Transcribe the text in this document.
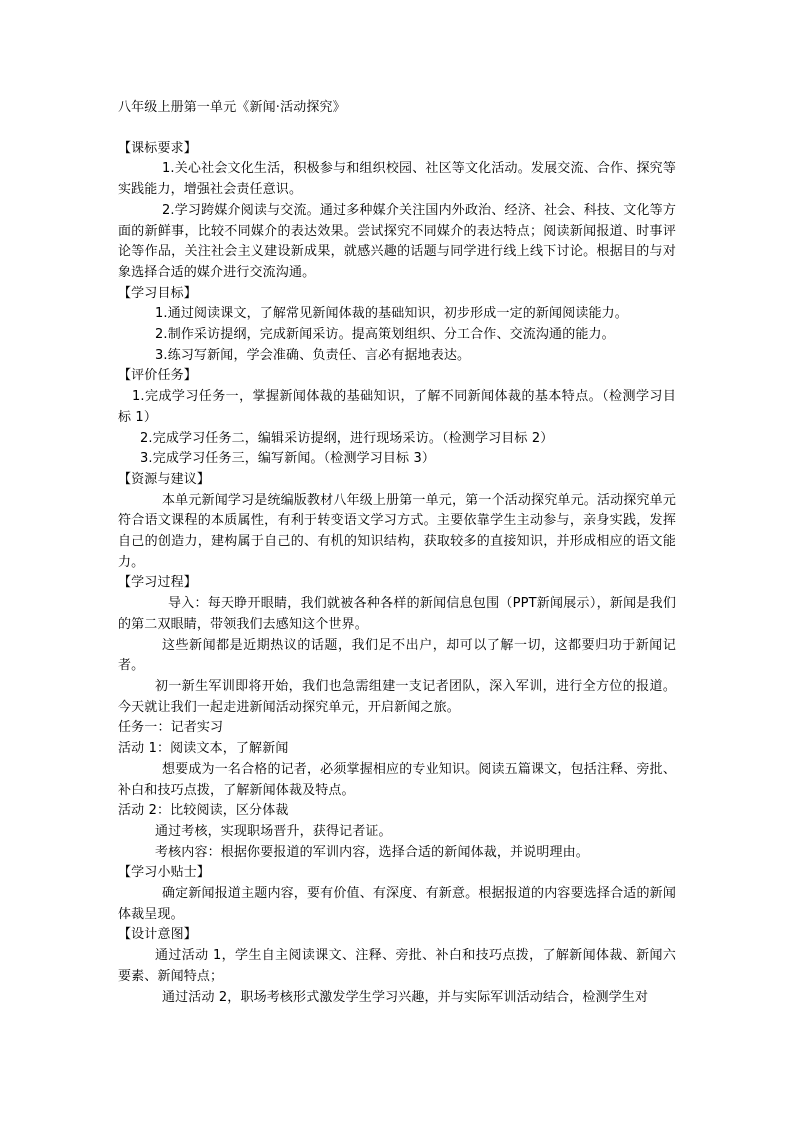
八年级上册第一单元《新闻·活动探究》

【课标要求】

1.关心社会文化生活，积极参与和组织校园、社区等文化活动。发展交流、合作、探究等实践能力，增强社会责任意识。

2.学习跨媒介阅读与交流。通过多种媒介关注国内外政治、经济、社会、科技、文化等方面的新鲜事，比较不同媒介的表达效果。尝试探究不同媒介的表达特点；阅读新闻报道、时事评论等作品，关注社会主义建设新成果，就感兴趣的话题与同学进行线上线下讨论。根据目的与对象选择合适的媒介进行交流沟通。

【学习目标】

1.通过阅读课文，了解常见新闻体裁的基础知识，初步形成一定的新闻阅读能力。

2.制作采访提纲，完成新闻采访。提高策划组织、分工合作、交流沟通的能力。

3.练习写新闻，学会准确、负责任、言必有据地表达。

【评价任务】

1.完成学习任务一，掌握新闻体裁的基础知识，了解不同新闻体裁的基本特点。（检测学习目标 1）

2.完成学习任务二，编辑采访提纲，进行现场采访。（检测学习目标 2）

3.完成学习任务三，编写新闻。（检测学习目标 3）

【资源与建议】

本单元新闻学习是统编版教材八年级上册第一单元，第一个活动探究单元。活动探究单元符合语文课程的本质属性，有利于转变语文学习方式。主要依靠学生主动参与，亲身实践，发挥自己的创造力，建构属于自己的、有机的知识结构，获取较多的直接知识，并形成相应的语文能力。

【学习过程】

导入：每天睁开眼睛，我们就被各种各样的新闻信息包围（PPT新闻展示），新闻是我们的第二双眼睛，带领我们去感知这个世界。

这些新闻都是近期热议的话题，我们足不出户，却可以了解一切，这都要归功于新闻记者。

初一新生军训即将开始，我们也急需组建一支记者团队，深入军训，进行全方位的报道。今天就让我们一起走进新闻活动探究单元，开启新闻之旅。

任务一：记者实习

活动 1：阅读文本，了解新闻

想要成为一名合格的记者，必须掌握相应的专业知识。阅读五篇课文，包括注释、旁批、补白和技巧点拨，了解新闻体裁及特点。

活动 2：比较阅读，区分体裁

通过考核，实现职场晋升，获得记者证。

考核内容：根据你要报道的军训内容，选择合适的新闻体裁，并说明理由。

【学习小贴士】

确定新闻报道主题内容，要有价值、有深度、有新意。根据报道的内容要选择合适的新闻体裁呈现。

【设计意图】

通过活动 1，学生自主阅读课文、注释、旁批、补白和技巧点拨，了解新闻体裁、新闻六要素、新闻特点；

通过活动 2，职场考核形式激发学生学习兴趣，并与实际军训活动结合，检测学生对
